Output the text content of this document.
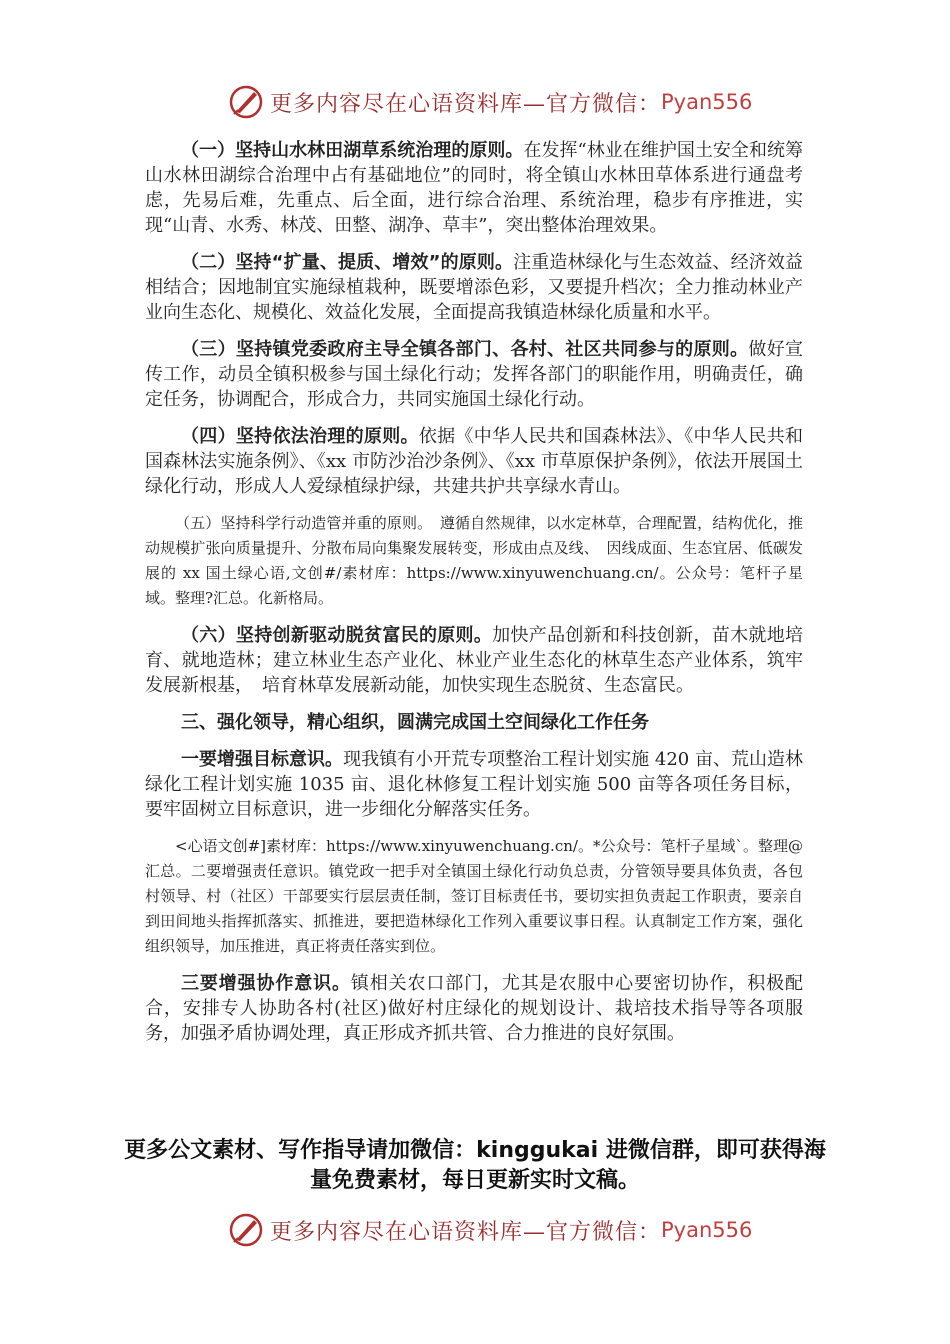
更多内容尽在心语资料库—官方微信： Pyan556

（一）坚持山水林田湖草系统治理的原则。在发挥“林业在维护国土安全和统筹山水林田湖综合治理中占有基础地位”的同时，将全镇山水林田草体系进行通盘考虑，先易后难，先重点、后全面，进行综合治理、系统治理，稳步有序推进，实现“山青、水秀、林茂、田整、湖净、草丰”，突出整体治理效果。

（二）坚持“扩量、提质、增效”的原则。注重造林绿化与生态效益、经济效益相结合；因地制宜实施绿植栽种，既要增添色彩，又要提升档次；全力推动林业产业向生态化、规模化、效益化发展，全面提高我镇造林绿化质量和水平。

（三）坚持镇党委政府主导全镇各部门、各村、社区共同参与的原则。做好宣传工作，动员全镇积极参与国土绿化行动；发挥各部门的职能作用，明确责任，确定任务，协调配合，形成合力，共同实施国土绿化行动。

（四）坚持依法治理的原则。依据《中华人民共和国森林法》、《中华人民共和国森林法实施条例》、《xx 市防沙治沙条例》、《xx 市草原保护条例》，依法开展国土绿化行动，形成人人爱绿植绿护绿，共建共护共享绿水青山。

（五）坚持科学行动造管并重的原则。　遵循自然规律，以水定林草，合理配置，结构优化，推动规模扩张向质量提升、分散布局向集聚发展转变，形成由点及线、　因线成面、生态宜居、低碳发展的 xx 国土绿心语,文创#/素材库：https://www.xinyuwenchuang.cn/。公众号：笔杆子星域。整理?汇总。化新格局。

（六）坚持创新驱动脱贫富民的原则。加快产品创新和科技创新，苗木就地培育、就地造林；建立林业生态产业化、林业产业生态化的林草生态产业体系，筑牢发展新根基，　培育林草发展新动能，加快实现生态脱贫、生态富民。

三、强化领导，精心组织，圆满完成国土空间绿化工作任务

一要增强目标意识。现我镇有小开荒专项整治工程计划实施 420 亩、荒山造林绿化工程计划实施 1035 亩、退化林修复工程计划实施 500 亩等各项任务目标，要牢固树立目标意识，进一步细化分解落实任务。

<心语文创#]素材库：https://www.xinyuwenchuang.cn/。*公众号：笔杆子星域`。整理@汇总。二要增强责任意识。镇党政一把手对全镇国土绿化行动负总责，分管领导要具体负责，各包村领导、村（社区）干部要实行层层责任制，签订目标责任书，要切实担负责起工作职责，要亲自到田间地头指挥抓落实、抓推进，要把造林绿化工作列入重要议事日程。认真制定工作方案，强化组织领导，加压推进，真正将责任落实到位。

三要增强协作意识。镇相关农口部门，尤其是农服中心要密切协作，积极配合，安排专人协助各村(社区)做好村庄绿化的规划设计、栽培技术指导等各项服务，加强矛盾协调处理，真正形成齐抓共管、合力推进的良好氛围。

更多公文素材、写作指导请加微信：kinggukai 进微信群，即可获得海量免费素材，每日更新实时文稿。
更多内容尽在心语资料库—官方微信： Pyan556
